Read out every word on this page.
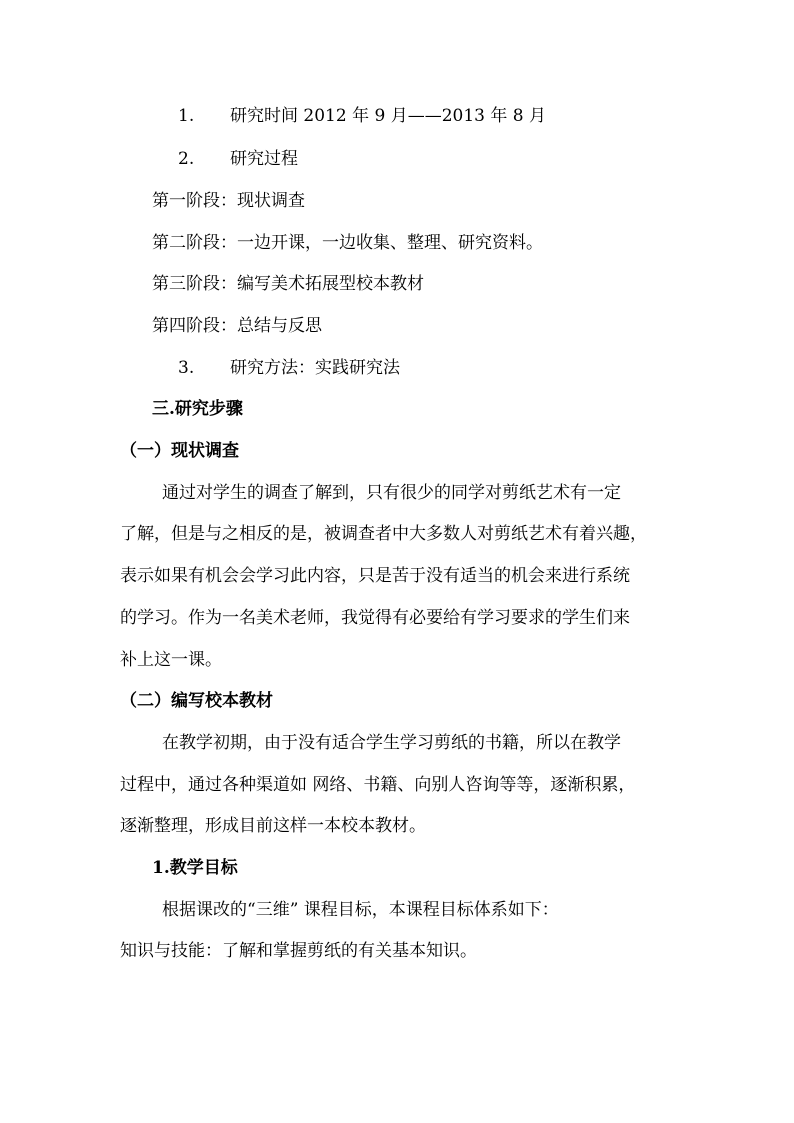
1. 研究时间 2012 年 9 月——2013 年 8 月
2. 研究过程
第一阶段：现状调查
第二阶段：一边开课，一边收集、整理、研究资料。
第三阶段：编写美术拓展型校本教材
第四阶段：总结与反思
3. 研究方法：实践研究法
三.研究步骤
（一）现状调查
通过对学生的调查了解到，只有很少的同学对剪纸艺术有一定
了解，但是与之相反的是，被调查者中大多数人对剪纸艺术有着兴趣，
表示如果有机会会学习此内容，只是苦于没有适当的机会来进行系统
的学习。作为一名美术老师，我觉得有必要给有学习要求的学生们来
补上这一课。
（二）编写校本教材
在教学初期，由于没有适合学生学习剪纸的书籍，所以在教学
过程中，通过各种渠道如 网络、书籍、向别人咨询等等，逐渐积累，
逐渐整理，形成目前这样一本校本教材。
1.教学目标
根据课改的“三维” 课程目标，本课程目标体系如下：
知识与技能：了解和掌握剪纸的有关基本知识。
